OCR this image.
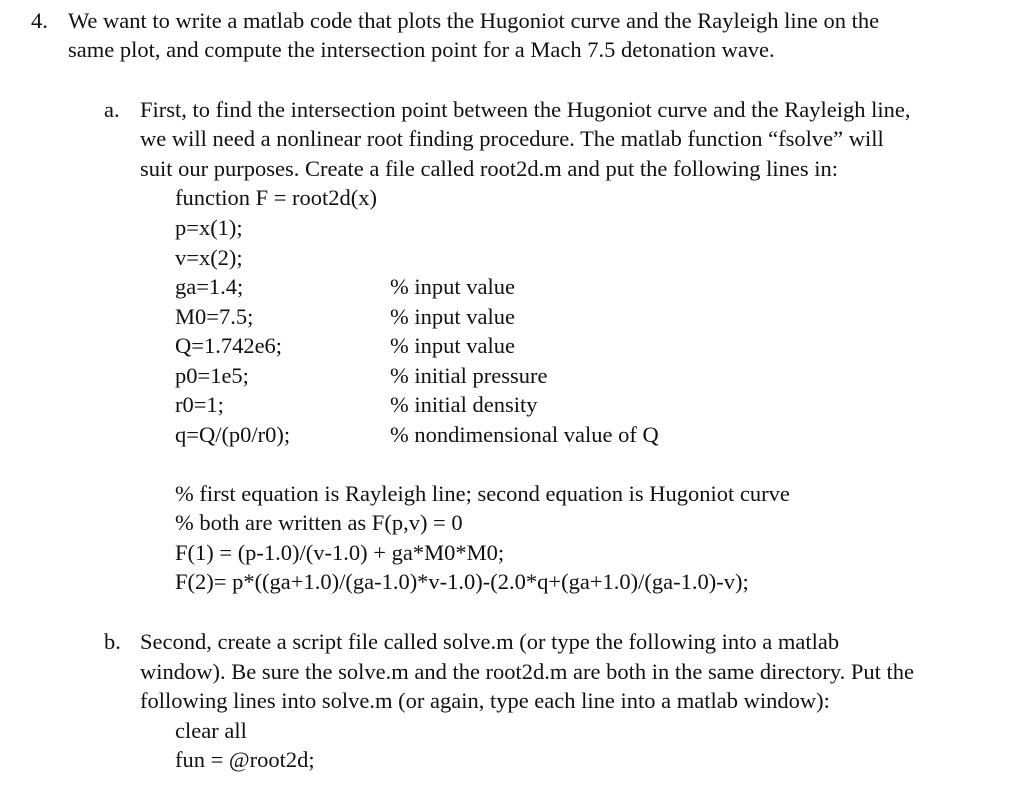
4. We want to write a matlab code that plots the Hugoniot curve and the Rayleigh line on the
same plot, and compute the intersection point for a Mach 7.5 detonation wave.
a. First, to find the intersection point between the Hugoniot curve and the Rayleigh line,
we will need a nonlinear root finding procedure. The matlab function “fsolve” will
suit our purposes. Create a file called root2d.m and put the following lines in:
function F = root2d(x)
p=x(1);
v=x(2);
ga=1.4;	% input value
M0=7.5;	% input value
Q=1.742e6;	% input value
p0=1e5;	% initial pressure
r0=1;	% initial density
q=Q/(p0/r0);	% nondimensional value of Q
% first equation is Rayleigh line; second equation is Hugoniot curve
% both are written as F(p,v) = 0
F(1) = (p-1.0)/(v-1.0) + ga*M0*M0;
F(2)= p*((ga+1.0)/(ga-1.0)*v-1.0)-(2.0*q+(ga+1.0)/(ga-1.0)-v);
b. Second, create a script file called solve.m (or type the following into a matlab
window). Be sure the solve.m and the root2d.m are both in the same directory. Put the
following lines into solve.m (or again, type each line into a matlab window):
clear all
fun = @root2d;
